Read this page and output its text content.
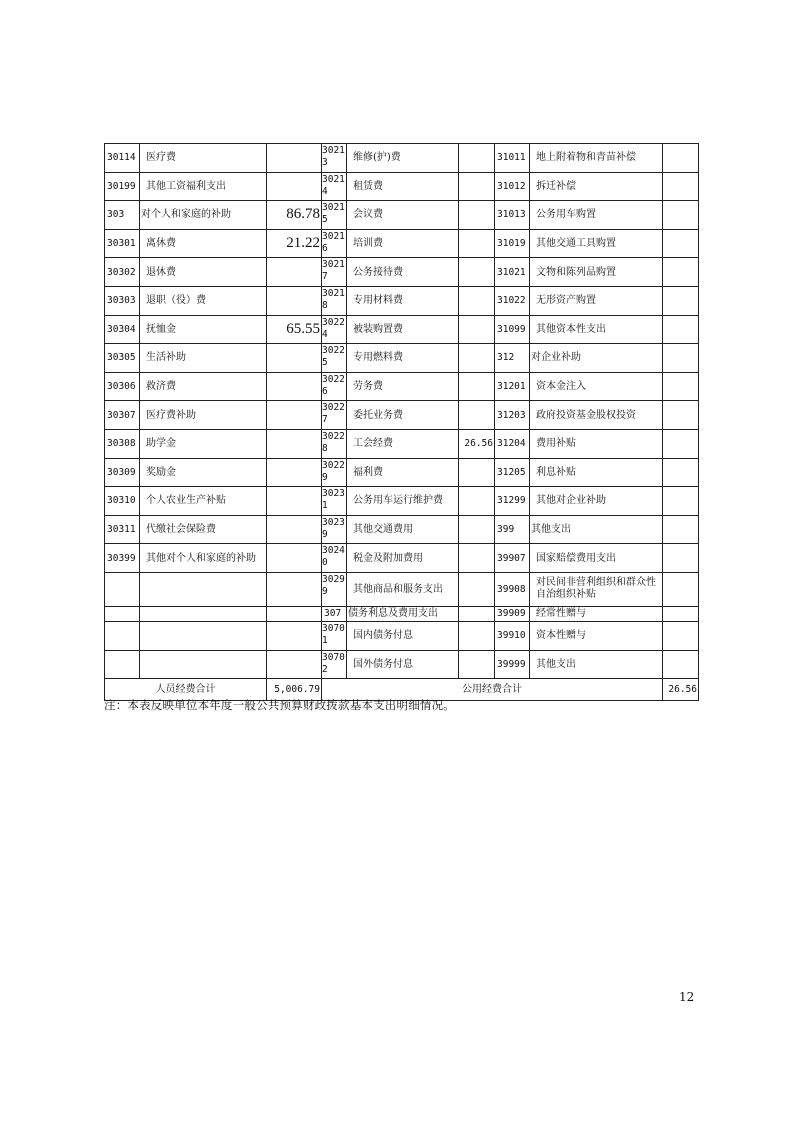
30114	医疗费		30213	维修(护)费		31011	地上附着物和青苗补偿	
30199	其他工资福利支出		30214	租赁费		31012	拆迁补偿	
303	对个人和家庭的补助	86.78	30215	会议费		31013	公务用车购置	
30301	离休费	21.22	30216	培训费		31019	其他交通工具购置	
30302	退休费		30217	公务接待费		31021	文物和陈列品购置	
30303	退职（役）费		30218	专用材料费		31022	无形资产购置	
30304	抚恤金	65.55	30224	被装购置费		31099	其他资本性支出	
30305	生活补助		30225	专用燃料费		312	对企业补助	
30306	救济费		30226	劳务费		31201	资本金注入	
30307	医疗费补助		30227	委托业务费		31203	政府投资基金股权投资	
30308	助学金		30228	工会经费	26.56	31204	费用补贴	
30309	奖励金		30229	福利费		31205	利息补贴	
30310	个人农业生产补贴		30231	公务用车运行维护费		31299	其他对企业补助	
30311	代缴社会保险费		30239	其他交通费用		399	其他支出	
30399	其他对个人和家庭的补助		30240	税金及附加费用		39907	国家赔偿费用支出	
			30299	其他商品和服务支出		39908	对民间非营利组织和群众性自治组织补贴	
			307	债务利息及费用支出		39909	经常性赠与	
			30701	国内债务付息		39910	资本性赠与	
			30702	国外债务付息		39999	其他支出	
人员经费合计		5,006.79	公用经费合计					26.56
注：本表反映单位本年度一般公共预算财政拨款基本支出明细情况。
12
